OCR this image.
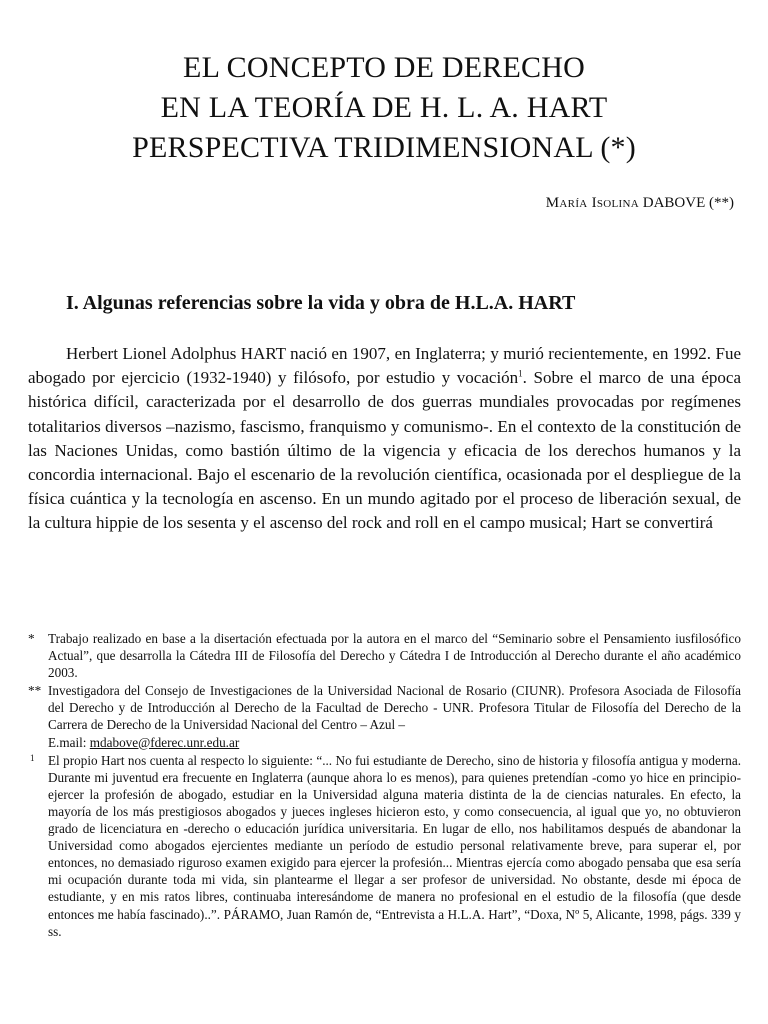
EL CONCEPTO DE DERECHO
EN LA TEORÍA DE H. L. A. HART
PERSPECTIVA TRIDIMENSIONAL (*)
María Isolina DABOVE (**)
I. Algunas referencias sobre la vida y obra de H.L.A. HART

Herbert Lionel Adolphus HART nació en 1907, en Inglaterra; y murió recientemente, en 1992. Fue abogado por ejercicio (1932-1940) y filósofo, por estudio y vocación$^1$. Sobre el marco de una época histórica difícil, caracterizada por el desarrollo de dos guerras mundiales provocadas por regímenes totalitarios diversos –nazismo, fascismo, franquismo y comunismo-. En el contexto de la constitución de las Naciones Unidas, como bastión último de la vigencia y eficacia de los derechos humanos y la concordia internacional. Bajo el escenario de la revolución científica, ocasionada por el despliegue de la física cuántica y la tecnología en ascenso. En un mundo agitado por el proceso de liberación sexual, de la cultura hippie de los sesenta y el ascenso del rock and roll en el campo musical; Hart se convertirá

*	Trabajo realizado en base a la disertación efectuada por la autora en el marco del “Seminario sobre el Pensamiento iusfilosófico Actual”, que desarrolla la Cátedra III de Filosofía del Derecho y Cátedra I de Introducción al Derecho durante el año académico 2003.

** Investigadora del Consejo de Investigaciones de la Universidad Nacional de Rosario (CIUNR). Profesora Asociada de Filosofía del Derecho y de Introducción al Derecho de la Facultad de Derecho - UNR. Profesora Titular de Filosofía del Derecho de la Carrera de Derecho de la Universidad Nacional del Centro – Azul –
E.mail: mdabove@fderec.unr.edu.ar

1	El propio Hart nos cuenta al respecto lo siguiente: “... No fui estudiante de Derecho, sino de historia y filosofía antigua y moderna. Durante mi juventud era frecuente en Inglaterra (aunque ahora lo es menos), para quienes pretendían -como yo hice en principio- ejercer la profesión de abogado, estudiar en la Universidad alguna materia distinta de la de ciencias naturales. En efecto, la mayoría de los más prestigiosos abogados y jueces ingleses hicieron esto, y como consecuencia, al igual que yo, no obtuvieron grado de licenciatura en -derecho o educación jurídica universitaria. En lugar de ello, nos habilitamos después de abandonar la Universidad como abogados ejercientes mediante un período de estudio personal relativamente breve, para superar el, por entonces, no demasiado riguroso examen exigido para ejercer la profesión... Mientras ejercía como abogado pensaba que esa sería mi ocupación durante toda mi vida, sin plantearme el llegar a ser profesor de universidad. No obstante, desde mi época de estudiante, y en mis ratos libres, continuaba interesándome de manera no profesional en el estudio de la filosofía (que desde entonces me había fascinado)..”. PÁRAMO, Juan Ramón de, “Entrevista a H.L.A. Hart”, “Doxa, Nº 5, Alicante, 1998, págs. 339 y ss.
